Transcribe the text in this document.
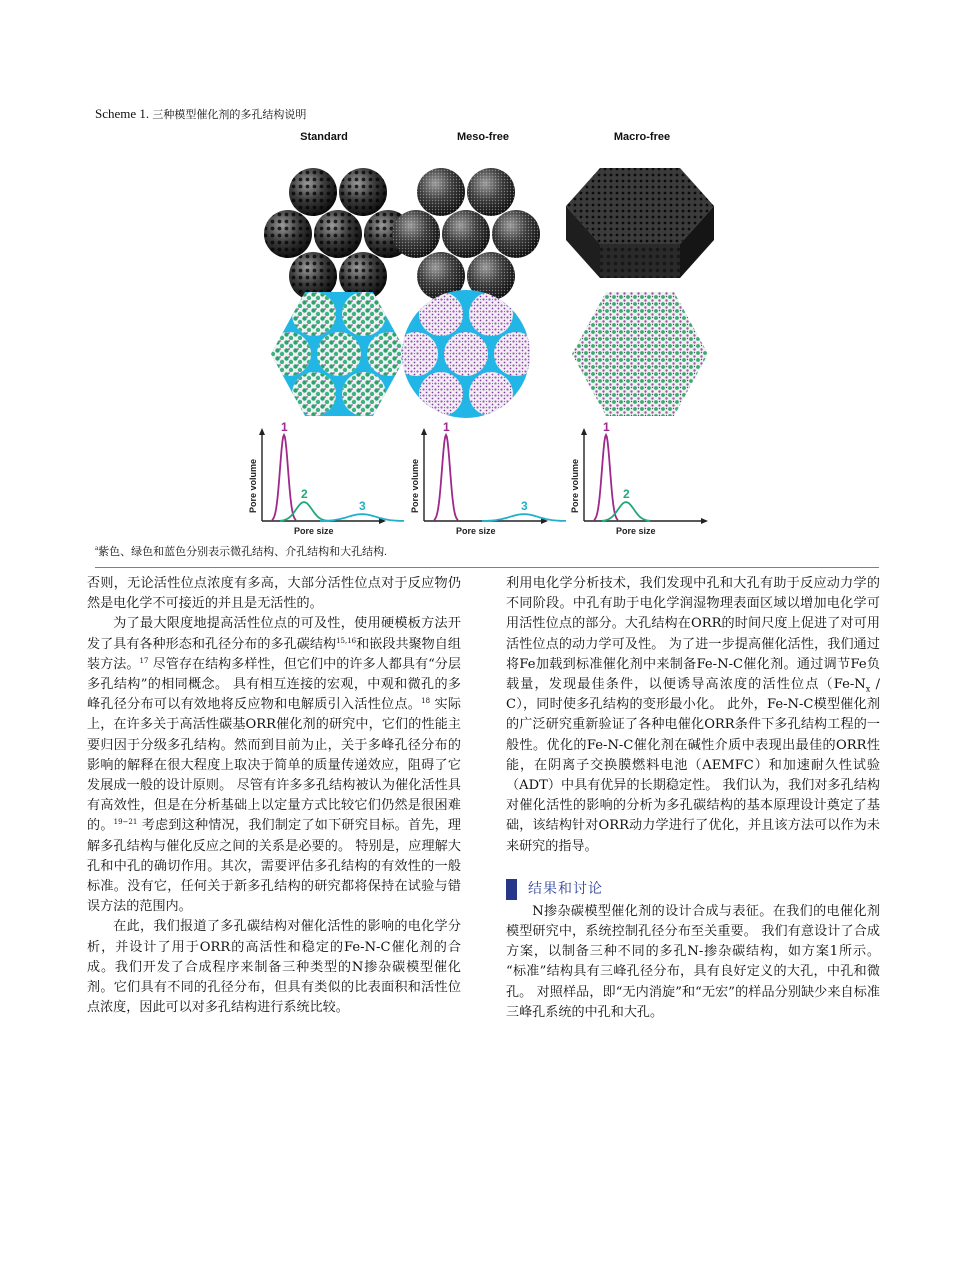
Scheme 1. 三种模型催化剂的多孔结构说明
Standard	Meso-free	Macro-free
Pore volume
Pore size
1
2
3	Pore volume
Pore size
1
3	Pore volume
Pore size
1
2
$^a$紫色、绿色和蓝色分别表示微孔结构、介孔结构和大孔结构.

否则，无论活性位点浓度有多高，大部分活性位点对于反应物仍然是电化学不可接近的并且是无活性的。

为了最大限度地提高活性位点的可及性，使用硬模板方法开发了具有各种形态和孔径分布的多孔碳结构$^{15,16}$和嵌段共聚物自组装方法。$^{17}$ 尽管存在结构多样性，但它们中的许多人都具有“分层多孔结构”的相同概念。 具有相互连接的宏观，中观和微孔的多峰孔径分布可以有效地将反应物和电解质引入活性位点。$^{18}$ 实际上，在许多关于高活性碳基ORR催化剂的研究中，它们的性能主要归因于分级多孔结构。然而到目前为止，关于多峰孔径分布的影响的解释在很大程度上取决于简单的质量传递效应，阻碍了它发展成一般的设计原则。 尽管有许多多孔结构被认为催化活性具有高效性，但是在分析基础上以定量方式比较它们仍然是很困难的。$^{19-21}$ 考虑到这种情况，我们制定了如下研究目标。首先，理解多孔结构与催化反应之间的关系是必要的。 特别是，应理解大孔和中孔的确切作用。其次，需要评估多孔结构的有效性的一般标准。没有它，任何关于新多孔结构的研究都将保持在试验与错误方法的范围内。

在此，我们报道了多孔碳结构对催化活性的影响的电化学分析，并设计了用于ORR的高活性和稳定的Fe-N-C催化剂的合成。我们开发了合成程序来制备三种类型的N掺杂碳模型催化剂。它们具有不同的孔径分布，但具有类似的比表面积和活性位点浓度，因此可以对多孔结构进行系统比较。

利用电化学分析技术，我们发现中孔和大孔有助于反应动力学的不同阶段。中孔有助于电化学润湿物理表面区域以增加电化学可用活性位点的部分。大孔结构在ORR的时间尺度上促进了对可用活性位点的动力学可及性。 为了进一步提高催化活性，我们通过将Fe加载到标准催化剂中来制备Fe-N-C催化剂。通过调节Fe负载量，发现最佳条件，以便诱导高浓度的活性位点$(Fe-N_x / C)$，同时使多孔结构的变形最小化。 此外，Fe-N-C模型催化剂的广泛研究重新验证了各种电催化ORR条件下多孔结构工程的一般性。优化的Fe-N-C催化剂在碱性介质中表现出最佳的ORR性能，在阴离子交换膜燃料电池（AEMFC）和加速耐久性试验（ADT）中具有优异的长期稳定性。 我们认为，我们对多孔结构对催化活性的影响的分析为多孔碳结构的基本原理设计奠定了基础，该结构针对ORR动力学进行了优化，并且该方法可以作为未来研究的指导。

结果和讨论

N掺杂碳模型催化剂的设计合成与表征。在我们的电催化剂模型研究中，系统控制孔径分布至关重要。 我们有意设计了合成方案，以制备三种不同的多孔N-掺杂碳结构，如方案1所示。 “标准”结构具有三峰孔径分布，具有良好定义的大孔，中孔和微孔。 对照样品，即“无内消旋”和“无宏”的样品分别缺少来自标准三峰孔系统的中孔和大孔。
